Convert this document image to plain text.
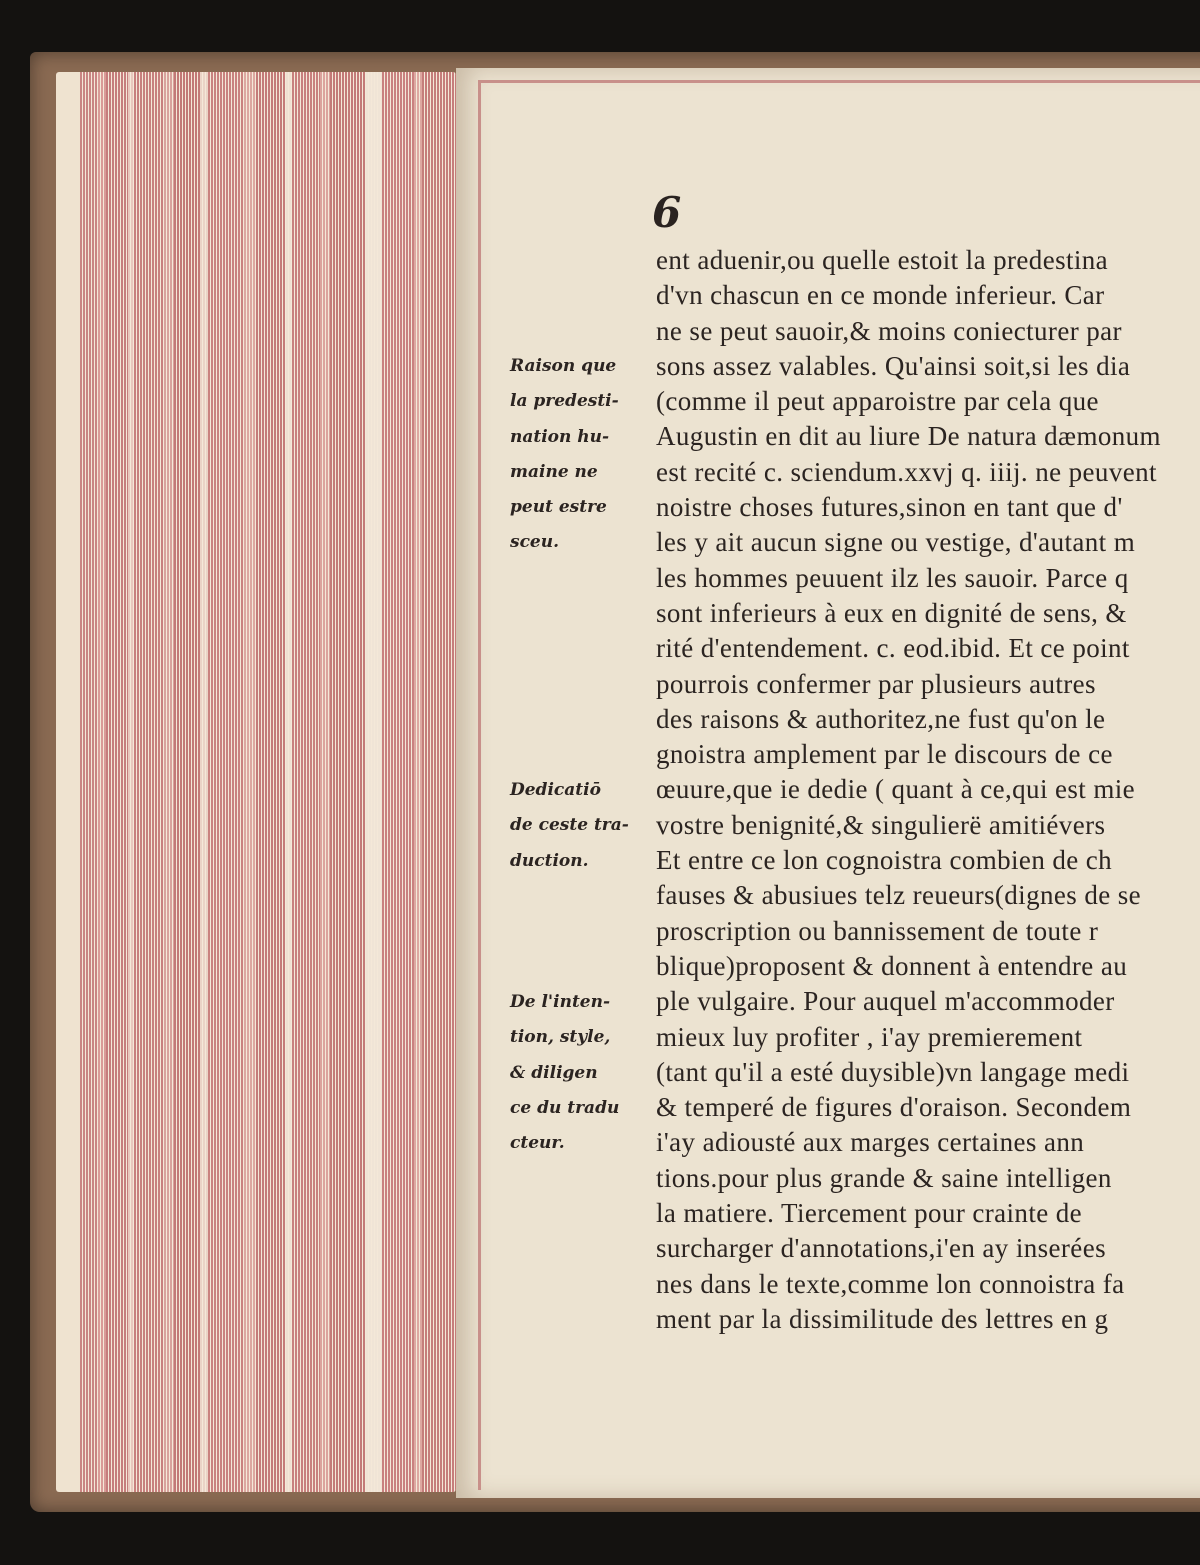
6
ent aduenir,ou quelle estoit la predestina
d'vn chascun en ce monde inferieur. Car
ne se peut sauoir,& moins coniecturer par
sons assez valables. Qu'ainsi soit,si les dia
(comme il peut apparoistre par cela que
Augustin en dit au liure De natura dæmonum
est recité c. sciendum.xxvj q. iiij. ne peuvent
noistre choses futures,sinon en tant que d'
les y ait aucun signe ou vestige, d'autant m
les hommes peuuent ilz les sauoir. Parce q
sont inferieurs à eux en dignité de sens, &
rité d'entendement. c. eod.ibid. Et ce point
pourrois confermer par plusieurs autres
des raisons & authoritez,ne fust qu'on le
gnoistra amplement par le discours de ce
œuure,que ie dedie ( quant à ce,qui est mie
vostre benignité,& singulierë amitiévers
Et entre ce lon cognoistra combien de ch
fauses & abusiues telz reueurs(dignes de se
proscription ou bannissement de toute r
blique)proposent & donnent à entendre au
ple vulgaire. Pour auquel m'accommoder
mieux luy profiter , i'ay premierement
(tant qu'il a esté duysible)vn langage medi
& temperé de figures d'oraison. Secondem
i'ay adiousté aux marges certaines ann
tions.pour plus grande & saine intelligen
la matiere. Tiercement pour crainte de
surcharger d'annotations,i'en ay inserées
nes dans le texte,comme lon connoistra fa
ment par la dissimilitude des lettres en g
Raison que
la predesti-
nation hu-
maine ne
peut estre
sceu.
Dedicatiō
de ceste tra-
duction.
De l'inten-
tion, style,
& diligen
ce du tradu
cteur.
